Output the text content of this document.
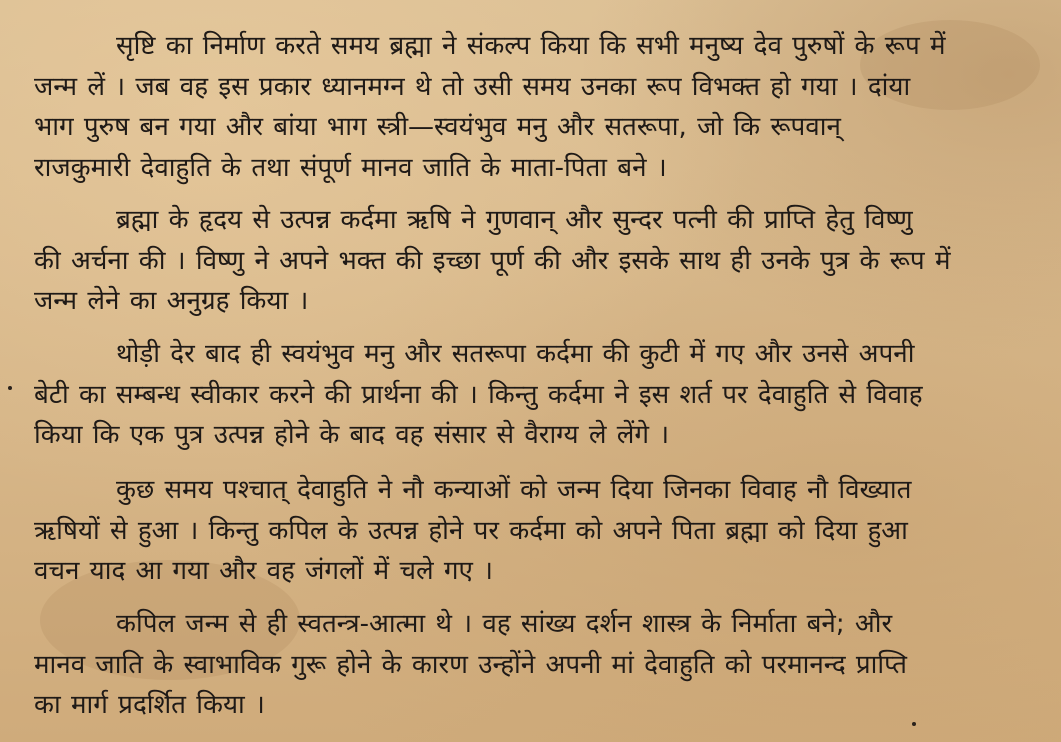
सृष्टि का निर्माण करते समय ब्रह्मा ने संकल्प किया कि सभी मनुष्य देव पुरुषों के रूप में
जन्म लें । जब वह इस प्रकार ध्यानमग्न थे तो उसी समय उनका रूप विभक्त हो गया । दांया
भाग पुरुष बन गया और बांया भाग स्त्री—स्वयंभुव मनु और सतरूपा, जो कि रूपवान्
राजकुमारी देवाहुति के तथा संपूर्ण मानव जाति के माता-पिता बने ।

ब्रह्मा के हृदय से उत्पन्न कर्दमा ऋषि ने गुणवान् और सुन्दर पत्नी की प्राप्ति हेतु विष्णु
की अर्चना की । विष्णु ने अपने भक्त की इच्छा पूर्ण की और इसके साथ ही उनके पुत्र के रूप में
जन्म लेने का अनुग्रह किया ।

थोड़ी देर बाद ही स्वयंभुव मनु और सतरूपा कर्दमा की कुटी में गए और उनसे अपनी
बेटी का सम्बन्ध स्वीकार करने की प्रार्थना की । किन्तु कर्दमा ने इस शर्त पर देवाहुति से विवाह
किया कि एक पुत्र उत्पन्न होने के बाद वह संसार से वैराग्य ले लेंगे ।

कुछ समय पश्चात् देवाहुति ने नौ कन्याओं को जन्म दिया जिनका विवाह नौ विख्यात
ऋषियों से हुआ । किन्तु कपिल के उत्पन्न होने पर कर्दमा को अपने पिता ब्रह्मा को दिया हुआ
वचन याद आ गया और वह जंगलों में चले गए ।

कपिल जन्म से ही स्वतन्त्र-आत्मा थे । वह सांख्य दर्शन शास्त्र के निर्माता बने; और
मानव जाति के स्वाभाविक गुरू होने के कारण उन्होंने अपनी मां देवाहुति को परमानन्द प्राप्ति
का मार्ग प्रदर्शित किया ।
